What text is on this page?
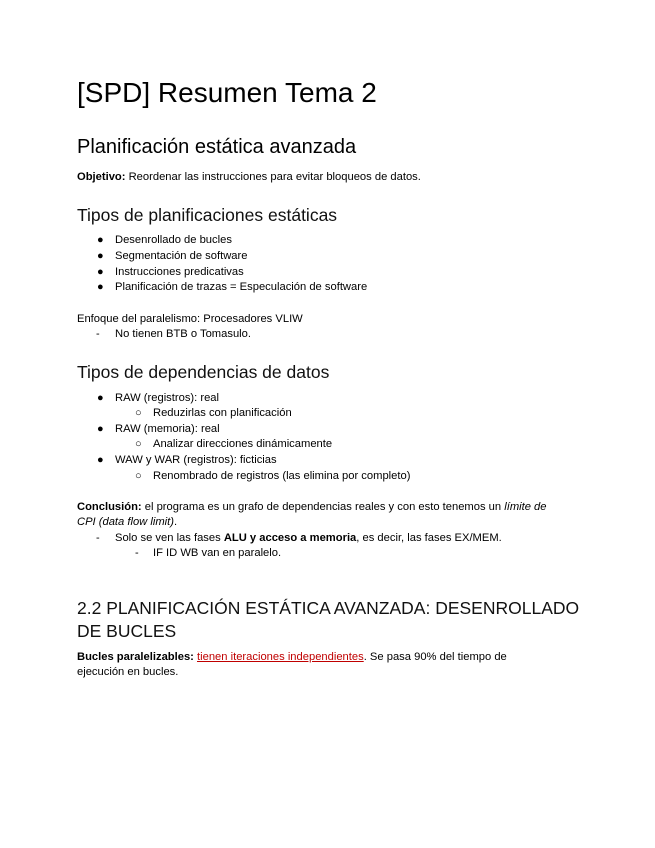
[SPD] Resumen Tema 2
Planificación estática avanzada
Objetivo: Reordenar las instrucciones para evitar bloqueos de datos.
Tipos de planificaciones estáticas
● Desenrollado de bucles
● Segmentación de software
● Instrucciones predicativas
● Planificación de trazas = Especulación de software
Enfoque del paralelismo: Procesadores VLIW
- No tienen BTB o Tomasulo.
Tipos de dependencias de datos
● RAW (registros): real
○ Reduzirlas con planificación
● RAW (memoria): real
○ Analizar direcciones dinámicamente
● WAW y WAR (registros): ficticias
○ Renombrado de registros (las elimina por completo)
Conclusión: el programa es un grafo de dependencias reales y con esto tenemos un límite de
CPI (data flow limit).
- Solo se ven las fases ALU y acceso a memoria, es decir, las fases EX/MEM.
- IF ID WB van en paralelo.
2.2 PLANIFICACIÓN ESTÁTICA AVANZADA: DESENROLLADO
DE BUCLES
Bucles paralelizables: tienen iteraciones independientes. Se pasa 90% del tiempo de
ejecución en bucles.
